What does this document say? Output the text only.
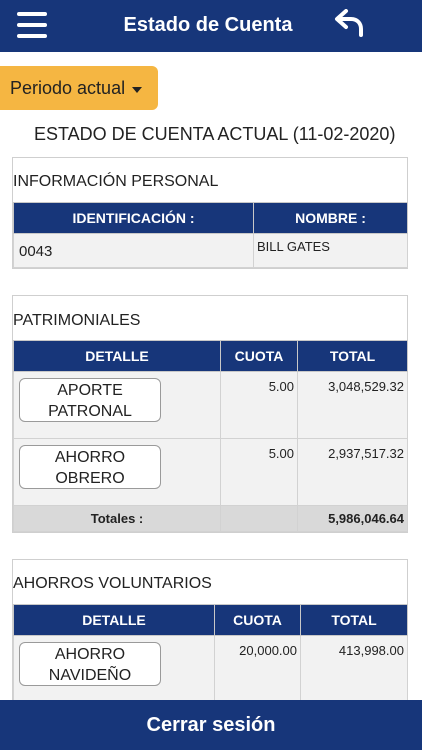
Estado de Cuenta
Periodo actual
ESTADO DE CUENTA ACTUAL (11-02-2020)
INFORMACIÓN PERSONAL
IDENTIFICACIÓN :	NOMBRE :
0043	BILL GATES
PATRIMONIALES
DETALLE	CUOTA	TOTAL

APORTE
PATRONAL	5.00	3,048,529.32

AHORRO
OBRERO	5.00	2,937,517.32
Totales :		5,986,046.64
AHORROS VOLUNTARIOS
DETALLE	CUOTA	TOTAL

AHORRO
NAVIDEÑO	20,000.00	413,998.00
Cerrar sesión
